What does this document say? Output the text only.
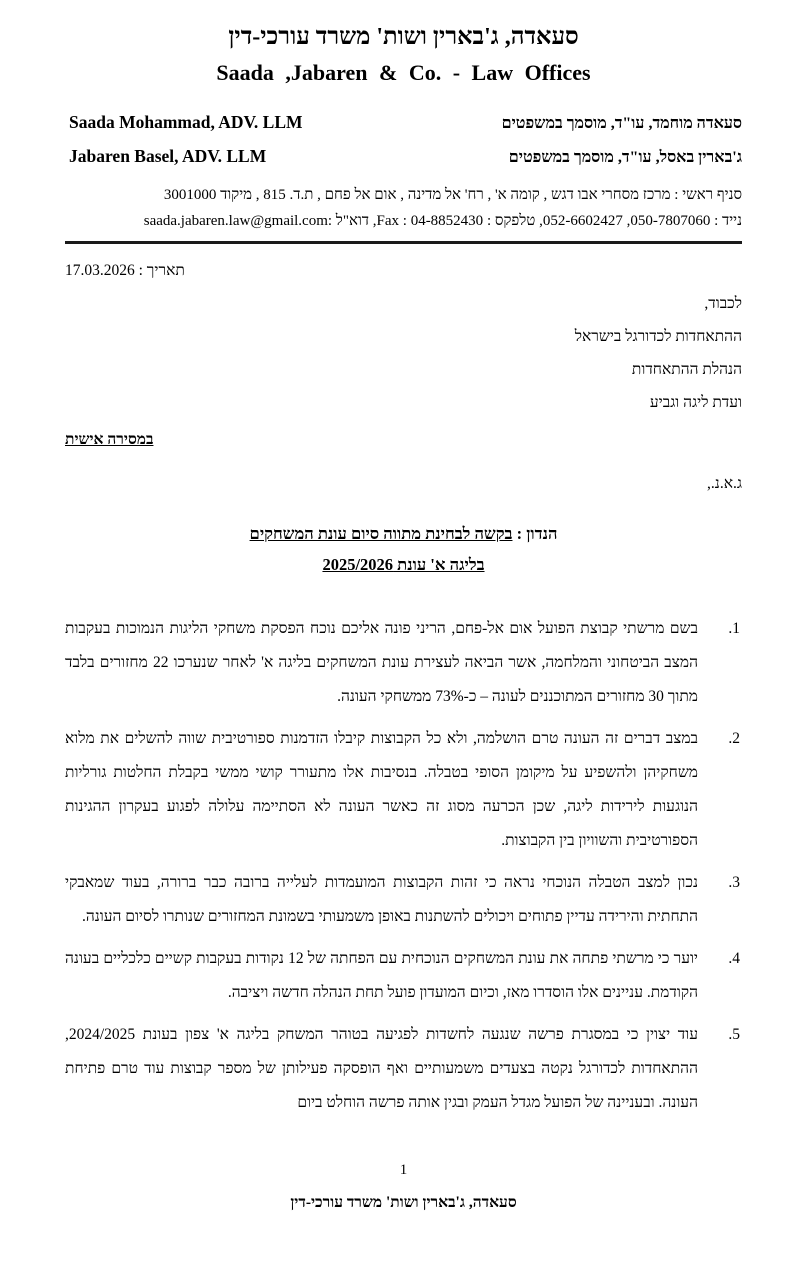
סעאדה, ג'בארין ושות' משרד עורכי-דין
Saada ,Jabaren & Co. - Law Offices
Saada Mohammad, ADV. LLM	סעאדה מוחמד, עו"ד, מוסמך במשפטים
Jabaren Basel, ADV. LLM	ג'בארין באסל, עו"ד, מוסמך במשפטים
סניף ראשי : מרכז מסחרי אבו דגש , קומה א' , רח' אל מדינה , אום אל פחם , ת.ד. 815 , מיקוד 3001000
נייד : 050-7807060, 052-6602427, טלפקס : 04-8852430 : Fax, דוא"ל :saada.jabaren.law@gmail.com
תאריך : 17.03.2026
לכבוד,
ההתאחדות לכדורגל בישראל
הנהלת ההתאחדות
ועדת ליגה וגביע
במסירה אישית
ג.א.נ.,
הנדון : בקשה לבחינת מתווה סיום עונת המשחקים
בליגה א' עונת 2025/2026
1.
בשם מרשתי קבוצת הפועל אום אל-פחם, הריני פונה אליכם נוכח הפסקת משחקי הליגות הנמוכות בעקבות המצב הביטחוני והמלחמה, אשר הביאה לעצירת עונת המשחקים בליגה א' לאחר שנערכו 22 מחזורים בלבד מתוך 30 מחזורים המתוכננים לעונה – כ-73% ממשחקי העונה.
2.
במצב דברים זה העונה טרם הושלמה, ולא כל הקבוצות קיבלו הזדמנות ספורטיבית שווה להשלים את מלוא משחקיהן ולהשפיע על מיקומן הסופי בטבלה. בנסיבות אלו מתעורר קושי ממשי בקבלת החלטות גורליות הנוגעות לירידות ליגה, שכן הכרעה מסוג זה כאשר העונה לא הסתיימה עלולה לפגוע בעקרון ההגינות הספורטיבית והשוויון בין הקבוצות.
3.
נכון למצב הטבלה הנוכחי נראה כי זהות הקבוצות המועמדות לעלייה ברובה כבר ברורה, בעוד שמאבקי התחתית והירידה עדיין פתוחים ויכולים להשתנות באופן משמעותי בשמונת המחזורים שנותרו לסיום העונה.
4.
יוער כי מרשתי פתחה את עונת המשחקים הנוכחית עם הפחתה של 12 נקודות בעקבות קשיים כלכליים בעונה הקודמת. עניינים אלו הוסדרו מאז, וכיום המועדון פועל תחת הנהלה חדשה ויציבה.
5.
עוד יצוין כי במסגרת פרשה שנגעה לחשדות לפגיעה בטוהר המשחק בליגה א' צפון בעונת 2024/2025, ההתאחדות לכדורגל נקטה בצעדים משמעותיים ואף הופסקה פעילותן של מספר קבוצות עוד טרם פתיחת העונה. ובעניינה של הפועל מגדל העמק ובגין אותה פרשה הוחלט ביום
1
סעאדה, ג'בארין ושות' משרד עורכי-דין
